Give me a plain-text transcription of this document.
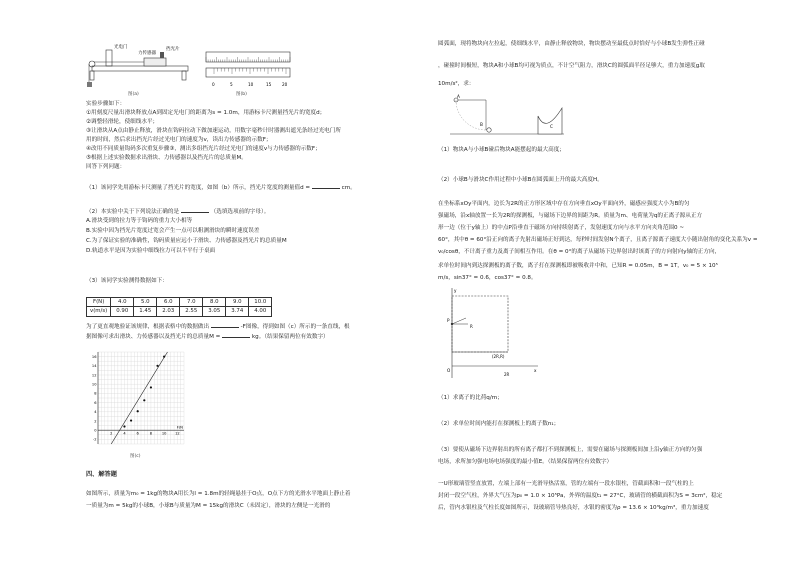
光电门
力传感器
挡光片
图(a)
0	5	10	15	20
图(b)
实验步骤如下：
①用刻度尺量出滑块释放点A到固定光电门的距离为s = 1.0m，用游标卡尺测量挡光片的宽度d；
②调整轻滑轮，使细线水平；
③让滑块从A点由静止释放，滑块在钩码拉动下做加速运动，用数字毫秒计时器测出遮光条经过光电门所
用的时间，然后求出挡光片经过光电门的速度为v，读出力传感器的示数F；
④改用不同质量钩码多次重复步骤③，测出多组挡光片经过光电门的速度v与力传感器的示数F；
⑤根据上述实验数据求出滑块、力传感器以及挡光片的总质量M。
回答下列问题：
（1）该同学先用游标卡尺测量了挡光片的宽度，如图（b）所示，挡光片宽度的测量值d =	cm。
（2）本实验中关于下列说法正确的是	（选填选项前的字母）。
A.滑块受到的拉力等于钩码的重力大小相等
B.实验中因为挡光片宽度过宽会产生一点可以粗测滑块的瞬时速度误差
C.为了保证实验的准确性，钩码质量应远小于滑块、力传感器及挡光片的总质量M
D.轨道水平是因为实验中细线拉力可以不平行于桌面
（3）该同学实验测得数据如下：
F(N)	4.0	5.0	6.0	7.0	8.0	9.0	10.0
v(m/s)	0.90	1.45	2.03	2.55	3.05	3.74	4.00
为了更直观地验证该规律，根据表格中的数据做出	-F图像，得到如图（c）所示的一条直线，根
据图像可求出滑块、力传感器以及挡光片的总质量M =	kg。（结果保留两位有效数字）
-2
0
2
4
6
8
10
12
14
16
2	4	6	8	10 12
F/N
图(c)
四、解答题
如图所示，质量为m₀ = 1kg的物块A用长为l = 1.8m的轻绳悬挂于O点，O点下方的光滑水平地面上静止着
一质量为m = 5kg的小球B，小球B与质量为M = 15kg的滑块C（未固定），滑块的左侧是一光滑的
圆弧面，现将物块向左拉起，使细线水平，由静止释放物块，物块摆动至最低点时恰好与小球B发生弹性正碰
，碰撞时间极短，物块A和小球B均可视为质点，不计空气阻力，滑块C的圆弧面半径足够大，重力加速度g取
10m/s²，求：
A
B	C
（1）物块A与小球B碰后物块A能摆起的最大高度；
（2）小球B与滑块C作用过程中小球B在圆弧面上升的最大高度H。
在坐标系xOy平面内，边长为2R的正方形区域中存在方向垂直xOy平面向外，磁感应强度大小为B的匀
强磁场，沿x轴放置一长为2R的探测板，与磁场下边界的间距为R。质量为m、电荷量为q的正离子源从正方
形一边（位于y轴上）的中点P沿垂直于磁场方向持续射离子，发射速度方向与水平方向夹角范围0 ~
60°，其中θ = 60°沿正向的离子先射出磁场正好到达，每秒时间发射N个离子，且离子源离子速度大小随出射角的变化关系为v =
v₀/cosθ，不计离子重力及离子间相互作用。在θ = 0°的离子从磁场下边界射出时该离子的方向射向y轴的正方向，
求单位时间内到达探测板的离子数，离子打在探测板即被吸收并中和，已知R = 0.05m，B = 1T，v₀ = 5 × 10⁵
m/s，sin37° = 0.6，cos37° = 0.8。
y
x
O
P
R
(2R,R)
2R
（1）求离子的比荷q/m；
（2）求单位时间内能打在探测板上的离子数n₁；
（3）要使从磁场下边界射出的所有离子都打不到探测板上，需要在磁场与探测板间加上沿y轴正方向的匀强
电场，求所加匀强电场电场强度的最小值E。（结果保留两位有效数字）
一U形玻璃管竖直放置，左端上部有一光滑导热活塞，管的左端有一段水银柱，管截面积和一段气柱的上
封闭一段空气柱，外界大气压为p₀ = 1.0 × 10⁵Pa，外界的温度t₁ = 27°C，玻璃管的横截面积为S = 3cm²，稳定
后，管内水银柱及气柱长度如图所示，设玻璃管导热良好，水银的密度为ρ = 13.6 × 10³kg/m³，重力加速度
